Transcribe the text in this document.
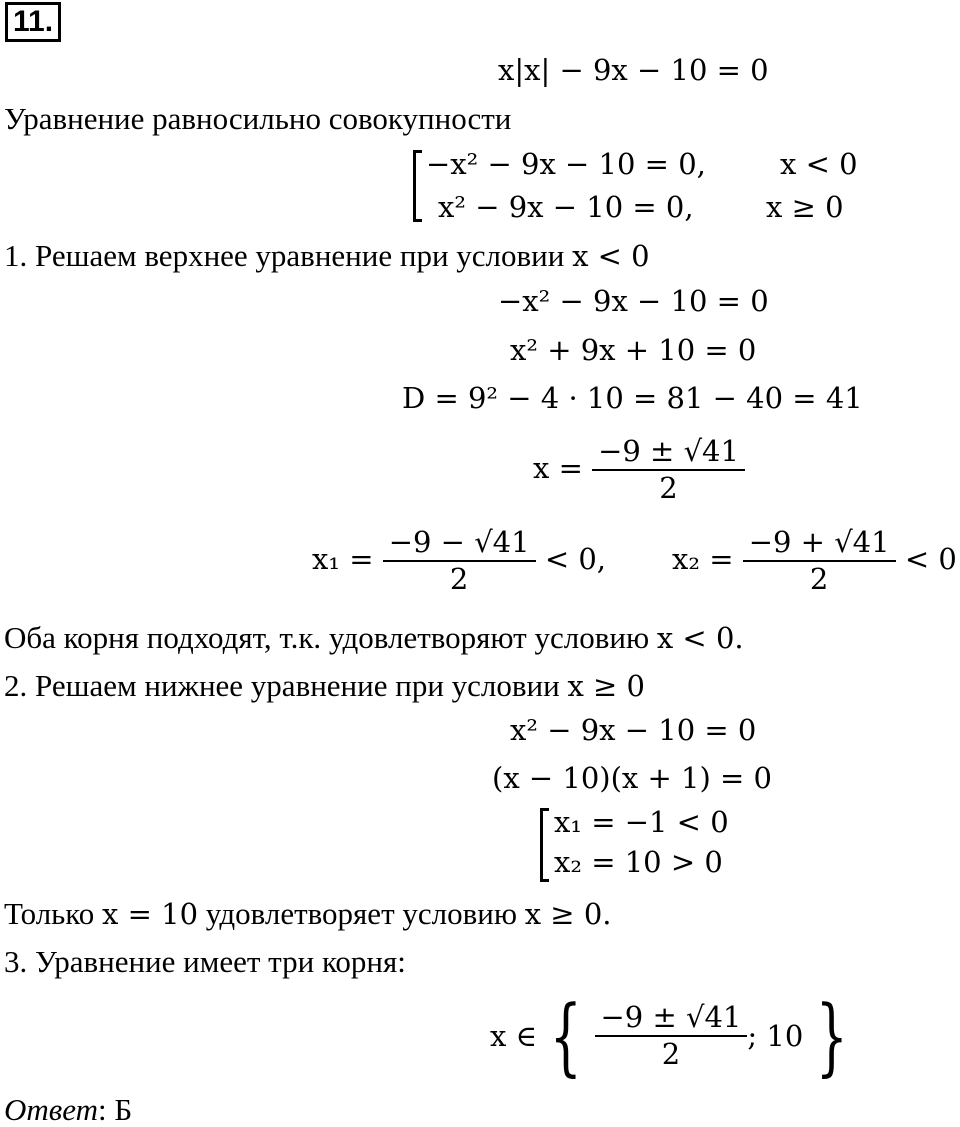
11.
x|x| − 9x − 10 = 0
Уравнение равносильно совокупности
−x² − 9x − 10 = 0,	x < 0
x² − 9x − 10 = 0, x ≥ 0
1. Решаем верхнее уравнение при условии x < 0
−x² − 9x − 10 = 0
x² + 9x + 10 = 0
D = 9² − 4 · 10 = 81 − 40 = 41
$x = \frac{-9 \pm √41}{2}$
$x_1 = \frac{-9 - √41}{2} < 0$, $x_2 = \frac{-9 + √41}{2} < 0$
Оба корня подходят, т.к. удовлетворяют условию x < 0.
2. Решаем нижнее уравнение при условии x ≥ 0
x² − 9x − 10 = 0
(x − 10)(x + 1) = 0
x₁ = −1 < 0
x₂ = 10 > 0
Только x = 10 удовлетворяет условию x ≥ 0.
3. Уравнение имеет три корня:
x ∈ { $\frac{-9 \pm √41}{2}$ ; 10 }
Ответ: Б
